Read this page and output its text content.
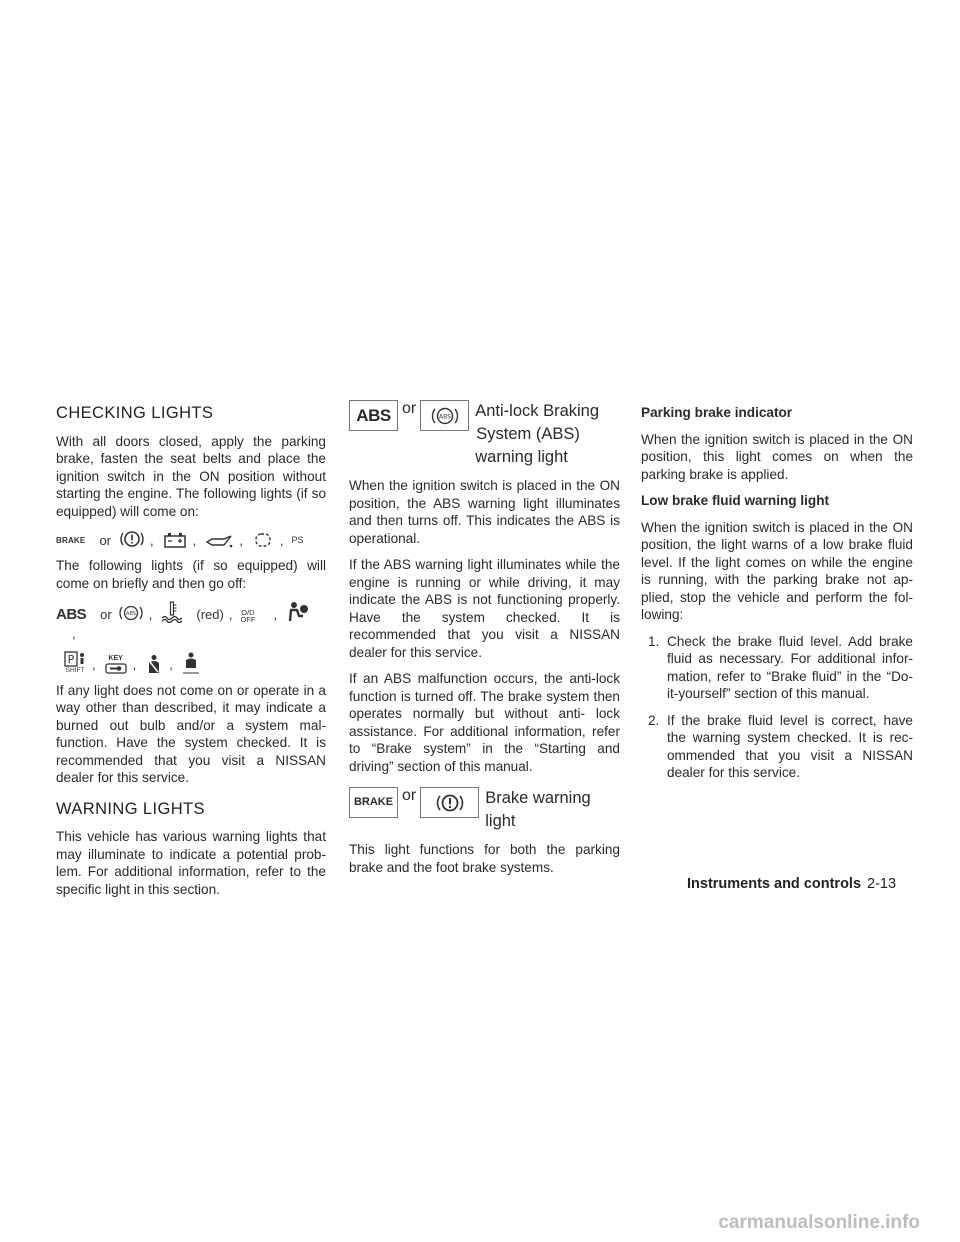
CHECKING LIGHTS

With all doors closed, apply the parking brake, fasten the seat belts and place the ignition switch in the ON position without starting the engine. The following lights (if so equipped) will come on:

BRAKE or	,	,	,	, PS

The following lights (if so equipped) will come on briefly and then go off:

ABS or	ABS ,	(red) , O/D
OFF ,
,
P
SHIFT , KEY ,	,

If any light does not come on or operate in a way other than described, it may indicate a burned out bulb and/or a system mal- function. Have the system checked. It is recommended that you visit a NISSAN dealer for this service.

WARNING LIGHTS

This vehicle has various warning lights that may illuminate to indicate a potential prob- lem. For additional information, refer to the specific light in this section.

ABS or	ABS Anti-lock Braking
System (ABS)
warning light

When the ignition switch is placed in the ON position, the ABS warning light illuminates and then turns off. This indicates the ABS is operational.

If the ABS warning light illuminates while the engine is running or while driving, it may indicate the ABS is not functioning properly. Have the system checked. It is recommended that you visit a NISSAN dealer for this service.

If an ABS malfunction occurs, the anti-lock function is turned off. The brake system then operates normally but without anti- lock assistance. For additional information, refer to “Brake system” in the “Starting and driving” section of this manual.

BRAKE or	Brake warning
light

This light functions for both the parking brake and the foot brake systems.

Parking brake indicator

When the ignition switch is placed in the ON position, this light comes on when the parking brake is applied.

Low brake fluid warning light

When the ignition switch is placed in the ON position, the light warns of a low brake fluid level. If the light comes on while the engine is running, with the parking brake not ap- plied, stop the vehicle and perform the fol- lowing:

1. Check the brake fluid level. Add brake fluid as necessary. For additional infor- mation, refer to “Brake fluid” in the “Do- it-yourself” section of this manual.
2. If the brake fluid level is correct, have the warning system checked. It is rec- ommended that you visit a NISSAN dealer for this service.
Instruments and controls 2-13
carmanualsonline.info
